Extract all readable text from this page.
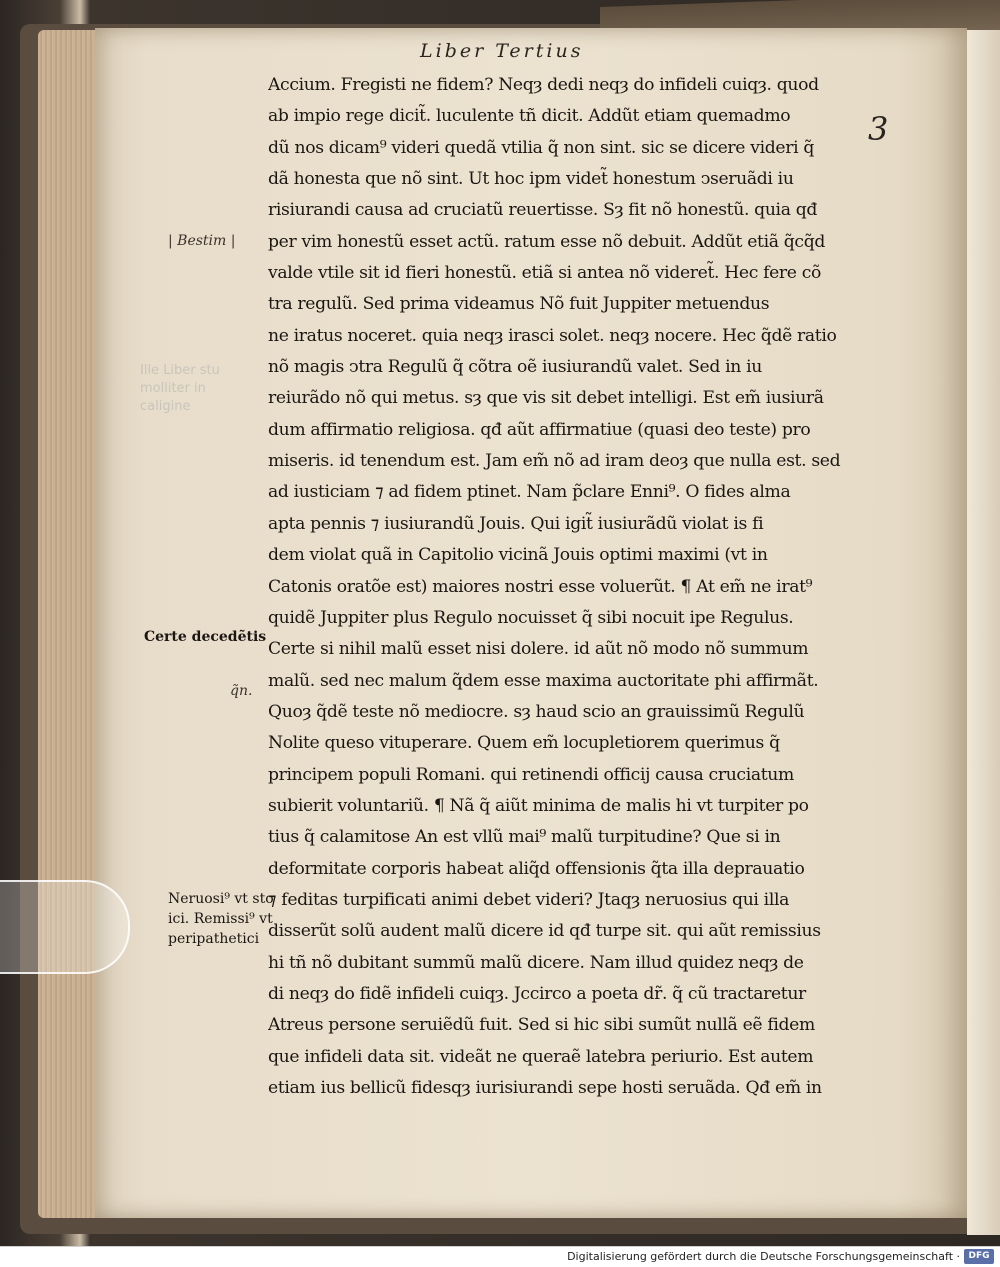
Liber Tertius
3
Ille Liber stu
molliter in
caligine
| Bestim |
Certe decedẽtis
q̃n.
Neruosi⁹ vt sto
ici. Remissi⁹ vt
peripathetici
Accium. Fregisti ne fidem? Neqȝ dedi neqȝ do infideli cuiqȝ. quod
ab impio rege dicit̃. luculente tñ dicit. Addũt etiam quemadmo
dũ nos dicam⁹ videri quedã vtilia q̃ non sint. sic se dicere videri q̃
dã honesta que nõ sint. Ut hoc ipm videt̃ honestum ↄseruãdi iu
risiurandi causa ad cruciatũ reuertisse. Sȝ fit nõ honestũ. quia qđ
per vim honestũ esset actũ. ratum esse nõ debuit. Addũt etiã q̃cq̃d
valde vtile sit id fieri honestũ. etiã si antea nõ videret̃. Hec fere cõ
tra regulũ. Sed prima videamus Nõ fuit Juppiter metuendus
ne iratus noceret. quia neqȝ irasci solet. neqȝ nocere. Hec q̃dẽ ratio
nõ magis ↄtra Regulũ q̃ cõtra oẽ iusiurandũ valet. Sed in iu
reiurãdo nõ qui metus. sȝ que vis sit debet intelligi. Est em̃ iusiurã
dum affirmatio religiosa. qđ aũt affirmatiue (quasi deo teste) pro
miseris. id tenendum est. Jam em̃ nõ ad iram deoȝ que nulla est. sed
ad iusticiam ⁊ ad fidem ptinet. Nam p̃clare Enni⁹. O fides alma
apta pennis ⁊ iusiurandũ Jouis. Qui igit̃ iusiurãdũ violat is fi
dem violat quã in Capitolio vicinã Jouis optimi maximi (vt in
Catonis oratõe est) maiores nostri esse voluerũt. ¶ At em̃ ne irat⁹
quidẽ Juppiter plus Regulo nocuisset q̃ sibi nocuit ipe Regulus.
Certe si nihil malũ esset nisi dolere. id aũt nõ modo nõ summum
malũ. sed nec malum q̃dem esse maxima auctoritate phi affirmãt.
Quoȝ q̃dẽ teste nõ mediocre. sȝ haud scio an grauissimũ Regulũ
Nolite queso vituperare. Quem em̃ locupletiorem querimus q̃
principem populi Romani. qui retinendi officij causa cruciatum
subierit voluntariũ. ¶ Nã q̃ aiũt minima de malis hi vt turpiter po
tius q̃ calamitose An est vllũ mai⁹ malũ turpitudine? Que si in
deformitate corporis habeat aliq̃d offensionis q̃ta illa deprauatio
⁊ feditas turpificati animi debet videri? Jtaqȝ neruosius qui illa
disserũt solũ audent malũ dicere id qđ turpe sit. qui aũt remissius
hi tñ nõ dubitant summũ malũ dicere. Nam illud quidez neqȝ de
di neqȝ do fidẽ infideli cuiqȝ. Jccirco a poeta dr̃. q̃ cũ tractaretur
Atreus persone seruiẽdũ fuit. Sed si hic sibi sumũt nullã eẽ fidem
que infideli data sit. videãt ne queraẽ latebra periurio. Est autem
etiam ius bellicũ fidesqȝ iurisiurandi sepe hosti seruãda. Qđ em̃ in
Digitalisierung gefördert durch die Deutsche Forschungsgemeinschaft · DFG
